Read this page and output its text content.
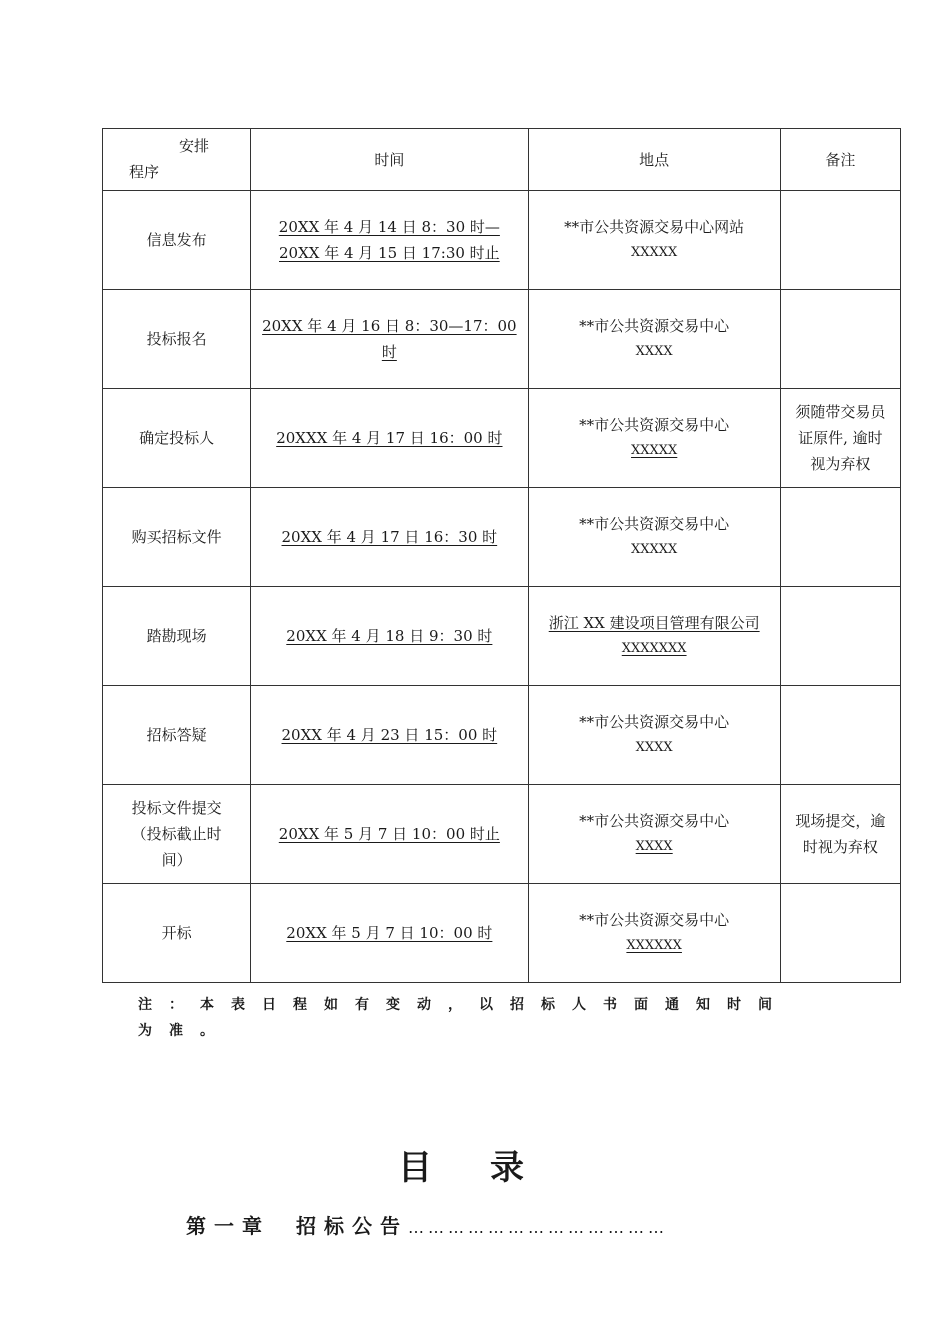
安排
程序	时间	地点	备注

信息发布	20XX 年 4 月 14 日 8：30 时—
20XX 年 4 月 15 日 17:30 时止	**市公共资源交易中心网站
XXXXX	

投标报名	20XX 年 4 月 16 日 8：30—17：00 时	**市公共资源交易中心
XXXX	

确定投标人	20XXX 年 4 月 17 日 16：00 时	**市公共资源交易中心
XXXXX	须随带交易员
证原件, 逾时
视为弃权

购买招标文件	20XX 年 4 月 17 日 16：30 时	**市公共资源交易中心
XXXXX	

踏勘现场	20XX 年 4 月 18 日 9：30 时	浙江 XX 建设项目管理有限公司
XXXXXXX	

招标答疑	20XX 年 4 月 23 日 15：00 时	**市公共资源交易中心
XXXX	

投标文件提交
（投标截止时
间）	20XX 年 5 月 7 日 10：00 时止	**市公共资源交易中心
XXXX	现场提交，逾
时视为弃权

开标	20XX 年 5 月 7 日 10：00 时	**市公共资源交易中心
XXXXXX	

注：本表日程如有变动，以招标人书面通知时间
为准。
目录
第一章 招标公告…………………………………
